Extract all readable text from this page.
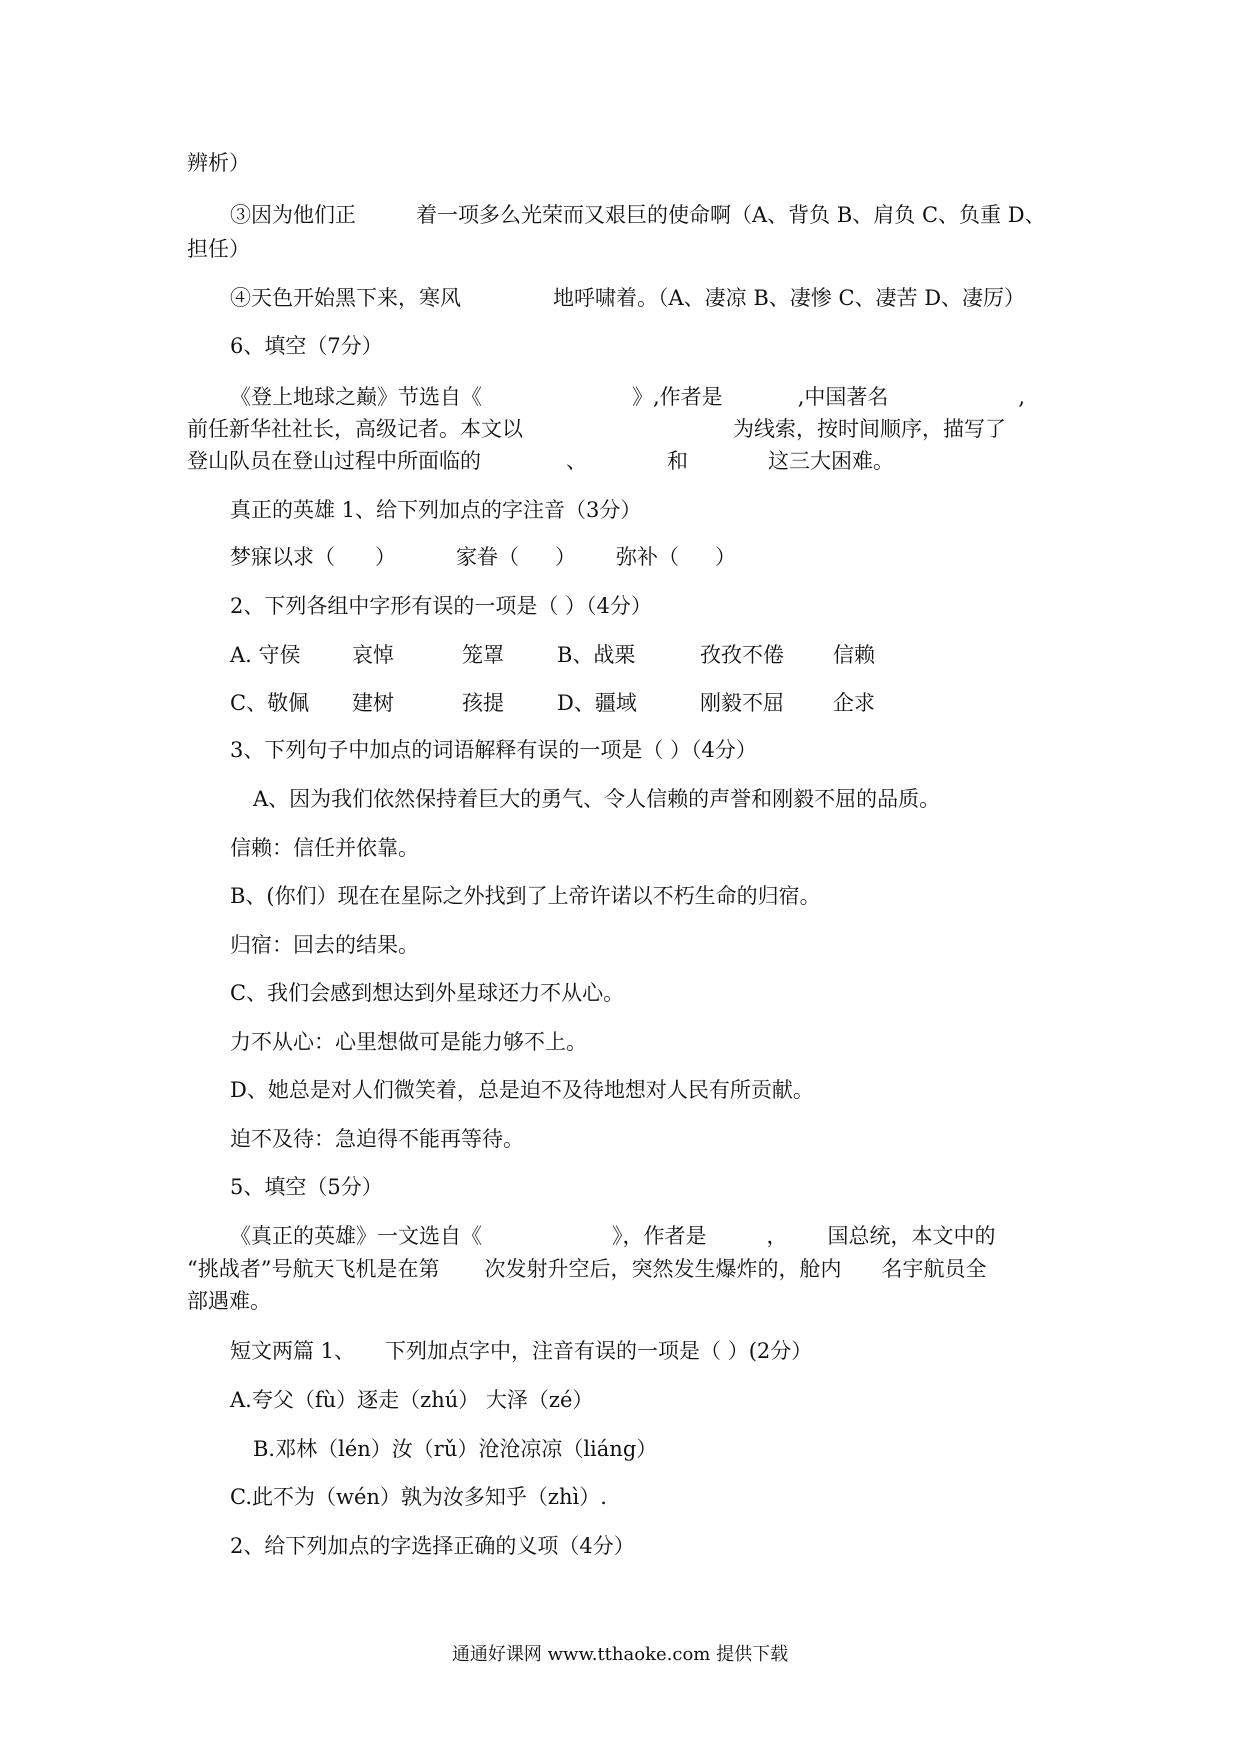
辨析）
③因为他们正	着一项多么光荣而又艰巨的使命啊（A、背负 B、肩负 C、负重 D、
担任）
④天色开始黑下来，寒风	地呼啸着。（A、凄凉 B、凄惨 C、凄苦 D、凄厉）
6、填空（7分）
《登上地球之巅》节选自《	》,作者是	,中国著名	,
前任新华社社长，高级记者。本文以	为线索，按时间顺序，描写了
登山队员在登山过程中所面临的	、	和	这三大困难。
真正的英雄 1、给下列加点的字注音（3分）
梦寐以求（ ）	家眷（ ） 弥补（ ）
2、下列各组中字形有误的一项是（ ）（4分）
A. 守侯 哀悼	笼罩	B、战栗	孜孜不倦 信赖
C、敬佩 建树	孩提	D、疆域	刚毅不屈 企求
3、下列句子中加点的词语解释有误的一项是（ ）（4分）
A、因为我们依然保持着巨大的勇气、令人信赖的声誉和刚毅不屈的品质。
信赖：信任并依靠。
B、(你们）现在在星际之外找到了上帝许诺以不朽生命的归宿。
归宿：回去的结果。
C、我们会感到想达到外星球还力不从心。
力不从心：心里想做可是能力够不上。
D、她总是对人们微笑着，总是迫不及待地想对人民有所贡献。
迫不及待：急迫得不能再等待。
5、填空（5分）
《真正的英雄》一文选自《	》，作者是	， 国总统，本文中的
“挑战者”号航天飞机是在第 次发射升空后，突然发生爆炸的，舱内 名宇航员全
部遇难。
短文两篇 1、 下列加点字中，注音有误的一项是（ ）(2分）
A.夸父（fù）逐走（zhú） 大泽（zé）
B.邓林（lén）汝（rǔ）沧沧凉凉（liáng）
C.此不为（wén）孰为汝多知乎（zhì）.
2、给下列加点的字选择正确的义项（4分）
通通好课网 www.tthaoke.com 提供下载
